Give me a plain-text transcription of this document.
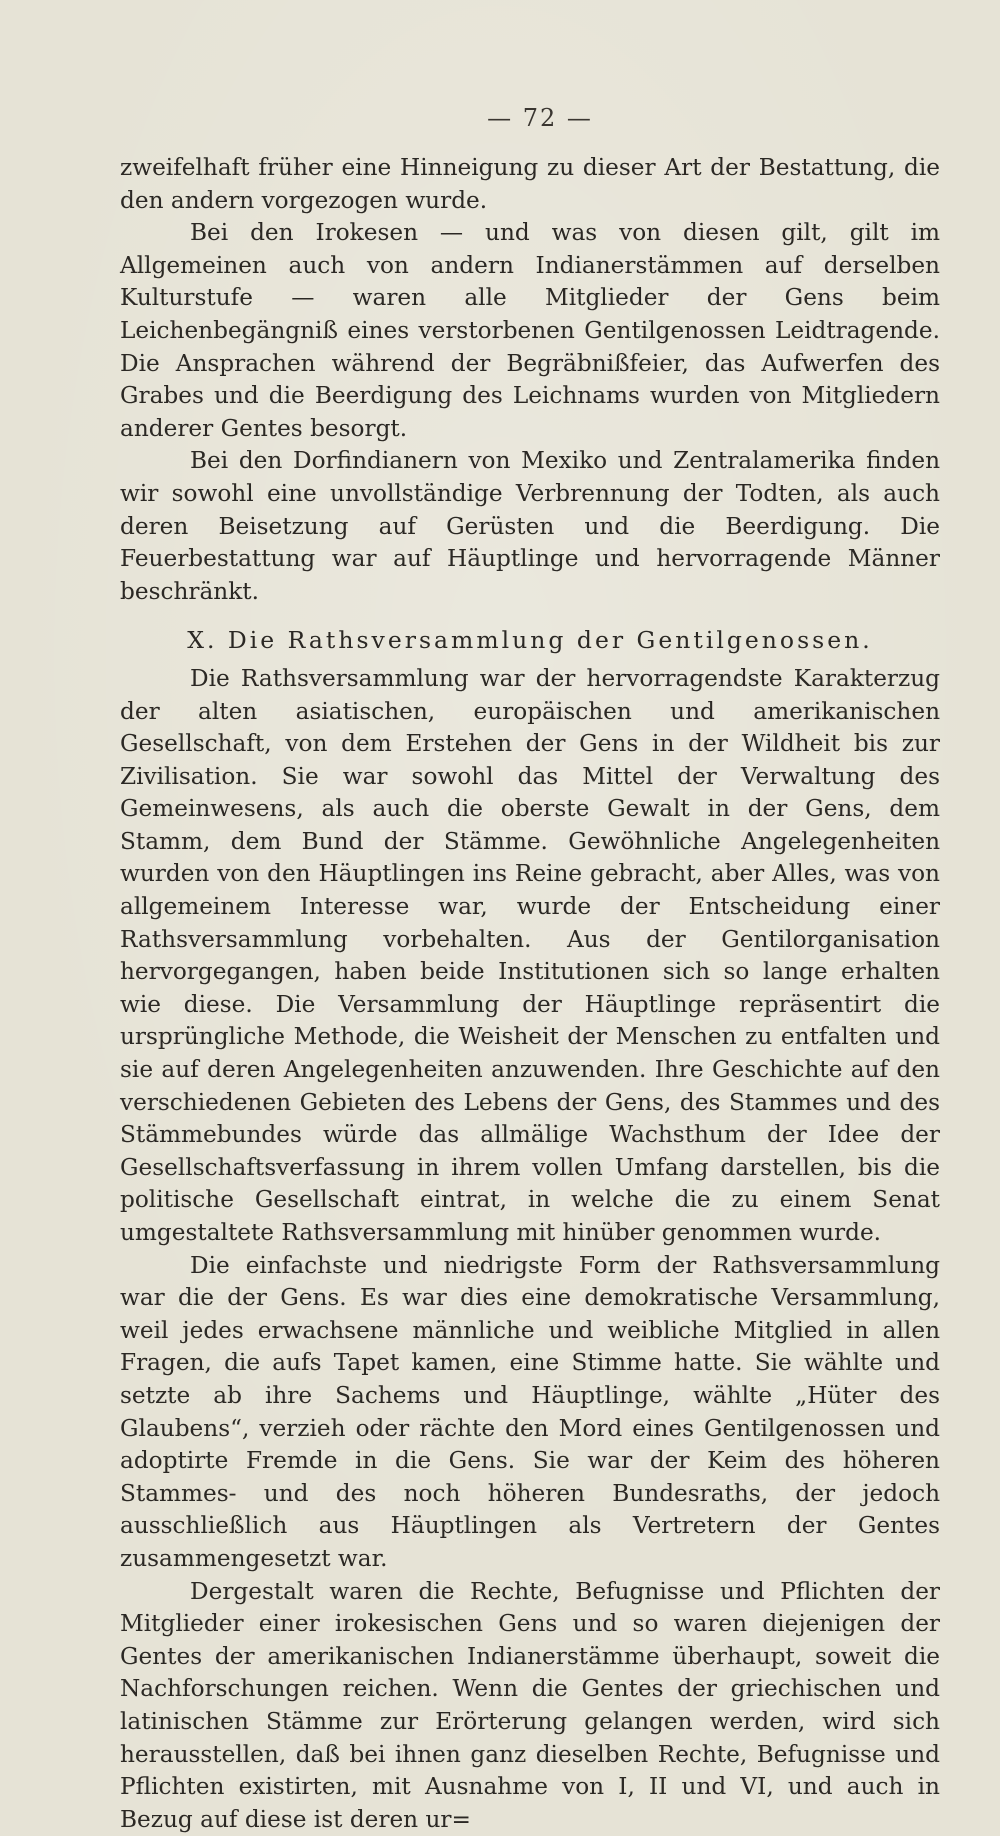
— 72 —

zweifelhaft früher eine Hinneigung zu dieser Art der Bestattung, die den andern vorgezogen wurde.

Bei den Irokesen — und was von diesen gilt, gilt im Allgemeinen auch von andern Indianerstämmen auf derselben Kulturstufe — waren alle Mitglieder der Gens beim Leichenbegängniß eines verstorbenen Gentilgenossen Leidtragende. Die Ansprachen während der Begräbnißfeier, das Aufwerfen des Grabes und die Beerdigung des Leichnams wurden von Mitgliedern anderer Gentes besorgt.

Bei den Dorfindianern von Mexiko und Zentralamerika finden wir sowohl eine unvollständige Verbrennung der Todten, als auch deren Beisetzung auf Gerüsten und die Beerdigung. Die Feuerbestattung war auf Häuptlinge und hervorragende Männer beschränkt.

X. Die Rathsversammlung der Gentilgenossen.

Die Rathsversammlung war der hervorragendste Karakterzug der alten asiatischen, europäischen und amerikanischen Gesellschaft, von dem Erstehen der Gens in der Wildheit bis zur Zivilisation. Sie war sowohl das Mittel der Verwaltung des Gemeinwesens, als auch die oberste Gewalt in der Gens, dem Stamm, dem Bund der Stämme. Gewöhnliche Angelegenheiten wurden von den Häuptlingen ins Reine gebracht, aber Alles, was von allgemeinem Interesse war, wurde der Entscheidung einer Rathsversammlung vorbehalten. Aus der Gentilorganisation hervorgegangen, haben beide Institutionen sich so lange erhalten wie diese. Die Versammlung der Häuptlinge repräsentirt die ursprüngliche Methode, die Weisheit der Menschen zu entfalten und sie auf deren Angelegenheiten anzuwenden. Ihre Geschichte auf den verschiedenen Gebieten des Lebens der Gens, des Stammes und des Stämmebundes würde das allmälige Wachsthum der Idee der Gesellschaftsverfassung in ihrem vollen Umfang darstellen, bis die politische Gesellschaft eintrat, in welche die zu einem Senat umgestaltete Rathsversammlung mit hinüber genommen wurde.

Die einfachste und niedrigste Form der Rathsversammlung war die der Gens. Es war dies eine demokratische Versammlung, weil jedes erwachsene männliche und weibliche Mitglied in allen Fragen, die aufs Tapet kamen, eine Stimme hatte. Sie wählte und setzte ab ihre Sachems und Häuptlinge, wählte „Hüter des Glaubens“, verzieh oder rächte den Mord eines Gentilgenossen und adoptirte Fremde in die Gens. Sie war der Keim des höheren Stammes- und des noch höheren Bundesraths, der jedoch ausschließlich aus Häuptlingen als Vertretern der Gentes zusammengesetzt war.

Dergestalt waren die Rechte, Befugnisse und Pflichten der Mitglieder einer irokesischen Gens und so waren diejenigen der Gentes der amerikanischen Indianerstämme überhaupt, soweit die Nachforschungen reichen. Wenn die Gentes der griechischen und latinischen Stämme zur Erörterung gelangen werden, wird sich herausstellen, daß bei ihnen ganz dieselben Rechte, Befugnisse und Pflichten existirten, mit Ausnahme von I, II und VI, und auch in Bezug auf diese ist deren ur=
